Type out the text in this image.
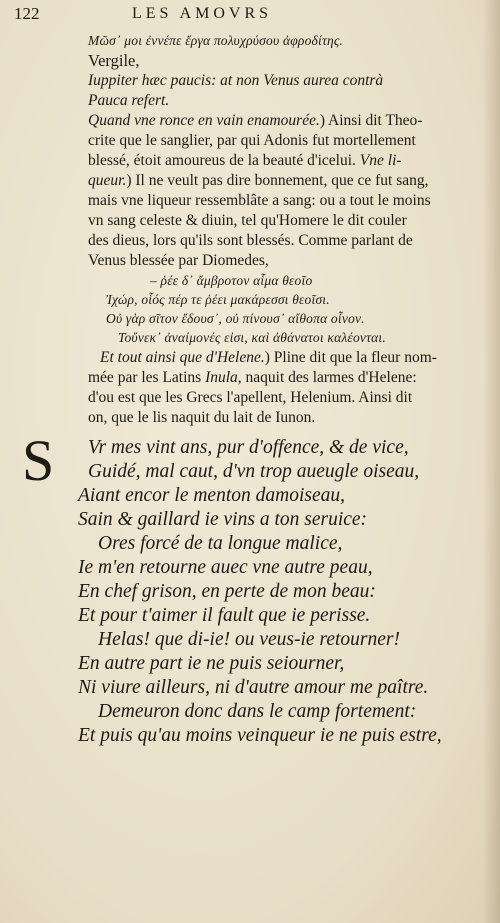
122	LES AMOVRS
Μῶσ᾽ μοι ἐννέπε ἔργα πολυχρύσου ἀφροδίτης.
Vergile,
Iuppiter hæc paucis: at non Venus aurea contrà
Pauca refert.
Quand vne ronce en vain enamourée.) Ainsi dit Theo-
crite que le sanglier, par qui Adonis fut mortellement
blessé, étoit amoureus de la beauté d'icelui. Vne li-
queur.) Il ne veult pas dire bonnement, que ce fut sang,
mais vne liqueur ressemblâte a sang: ou a tout le moins
vn sang celeste & diuin, tel qu'Homere le dit couler
des dieus, lors qu'ils sont blessés. Comme parlant de
Venus blessée par Diomedes,
– ῥέε δ᾽ ἄμβροτον αἷμα θεοῖο
Ἰχώρ, οἷός πέρ τε ῥέει μακάρεσσι θεοῖσι.
Οὐ γὰρ σῖτον ἔδουσ᾽, οὐ πίνουσ᾽ αἴθοπα οἶνον.
Τοὔνεκ᾽ ἀναίμονές εἰσι, καὶ ἀθάνατοι καλέονται.
Et tout ainsi que d'Helene.) Pline dit que la fleur nom-
mée par les Latins Inula, naquit des larmes d'Helene:
d'ou est que les Grecs l'apellent, Helenium. Ainsi dit
on, que le lis naquit du lait de Iunon.
S Vr mes vint ans, pur d'offence, & de vice,
Guidé, mal caut, d'vn trop aueugle oiseau,
Aiant encor le menton damoiseau,
Sain & gaillard ie vins a ton seruice:
Ores forcé de ta longue malice,
Ie m'en retourne auec vne autre peau,
En chef grison, en perte de mon beau:
Et pour t'aimer il fault que ie perisse.
Helas! que di-ie! ou veus-ie retourner!
En autre part ie ne puis seiourner,
Ni viure ailleurs, ni d'autre amour me paître.
Demeuron donc dans le camp fortement:
Et puis qu'au moins veinqueur ie ne puis estre,
